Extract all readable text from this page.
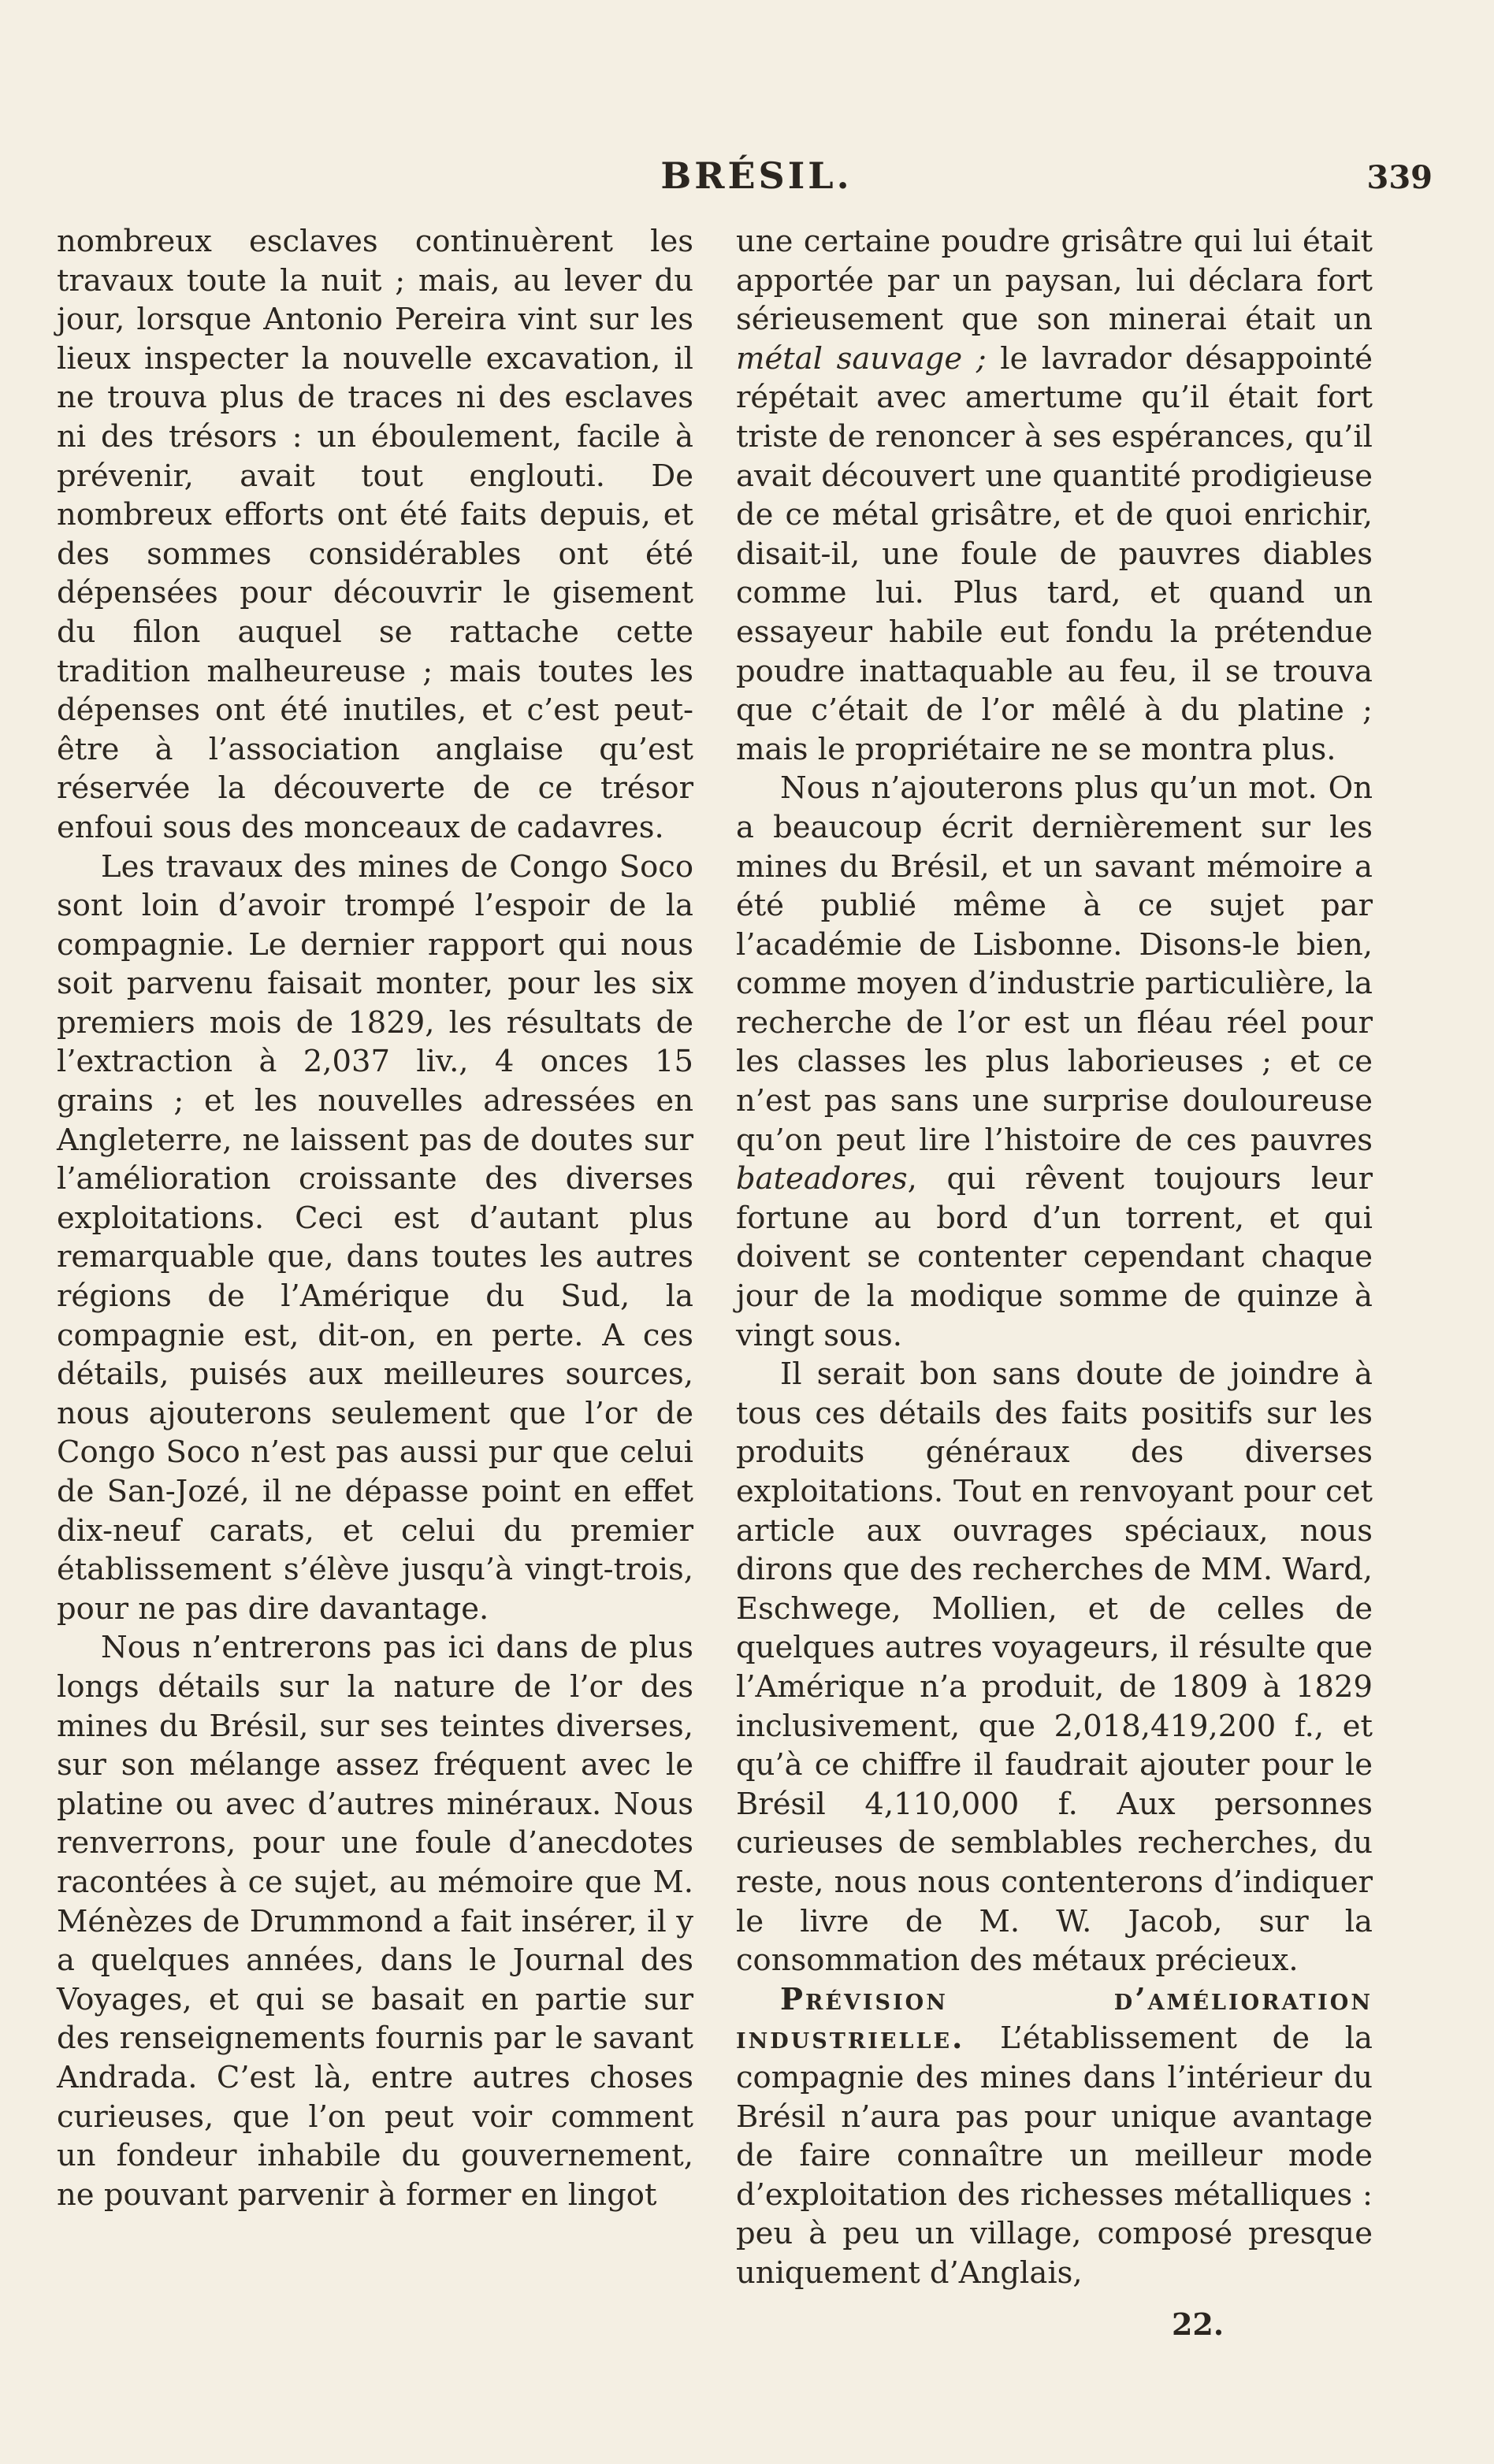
BRÉSIL.	339

nombreux esclaves continuèrent les travaux toute la nuit ; mais, au lever du jour, lorsque Antonio Pereira vint sur les lieux inspecter la nouvelle excavation, il ne trouva plus de traces ni des esclaves ni des trésors : un éboulement, facile à prévenir, avait tout englouti. De nombreux efforts ont été faits depuis, et des sommes considérables ont été dépensées pour découvrir le gisement du filon auquel se rattache cette tradition malheureuse ; mais toutes les dépenses ont été inutiles, et c’est peut-être à l’association anglaise qu’est réservée la découverte de ce trésor enfoui sous des monceaux de cadavres.

Les travaux des mines de Congo Soco sont loin d’avoir trompé l’espoir de la compagnie. Le dernier rapport qui nous soit parvenu faisait monter, pour les six premiers mois de 1829, les résultats de l’extraction à 2,037 liv., 4 onces 15 grains ; et les nouvelles adressées en Angleterre, ne laissent pas de doutes sur l’amélioration croissante des diverses exploitations. Ceci est d’autant plus remarquable que, dans toutes les autres régions de l’Amérique du Sud, la compagnie est, dit-on, en perte. A ces détails, puisés aux meilleures sources, nous ajouterons seulement que l’or de Congo Soco n’est pas aussi pur que celui de San-Jozé, il ne dépasse point en effet dix-neuf carats, et celui du premier établissement s’élève jusqu’à vingt-trois, pour ne pas dire davantage.

Nous n’entrerons pas ici dans de plus longs détails sur la nature de l’or des mines du Brésil, sur ses teintes diverses, sur son mélange assez fréquent avec le platine ou avec d’autres minéraux. Nous renverrons, pour une foule d’anecdotes racontées à ce sujet, au mémoire que M. Ménèzes de Drummond a fait insérer, il y a quelques années, dans le Journal des Voyages, et qui se basait en partie sur des renseignements fournis par le savant Andrada. C’est là, entre autres choses curieuses, que l’on peut voir comment un fondeur inhabile du gouvernement, ne pouvant parvenir à former en lingot

une certaine poudre grisâtre qui lui était apportée par un paysan, lui déclara fort sérieusement que son minerai était un métal sauvage ; le lavrador désappointé répétait avec amertume qu’il était fort triste de renoncer à ses espérances, qu’il avait découvert une quantité prodigieuse de ce métal grisâtre, et de quoi enrichir, disait-il, une foule de pauvres diables comme lui. Plus tard, et quand un essayeur habile eut fondu la prétendue poudre inattaquable au feu, il se trouva que c’était de l’or mêlé à du platine ; mais le propriétaire ne se montra plus.

Nous n’ajouterons plus qu’un mot. On a beaucoup écrit dernièrement sur les mines du Brésil, et un savant mémoire a été publié même à ce sujet par l’académie de Lisbonne. Disons-le bien, comme moyen d’industrie particulière, la recherche de l’or est un fléau réel pour les classes les plus laborieuses ; et ce n’est pas sans une surprise douloureuse qu’on peut lire l’histoire de ces pauvres bateadores, qui rêvent toujours leur fortune au bord d’un torrent, et qui doivent se contenter cependant chaque jour de la modique somme de quinze à vingt sous.

Il serait bon sans doute de joindre à tous ces détails des faits positifs sur les produits généraux des diverses exploitations. Tout en renvoyant pour cet article aux ouvrages spéciaux, nous dirons que des recherches de MM. Ward, Eschwege, Mollien, et de celles de quelques autres voyageurs, il résulte que l’Amérique n’a produit, de 1809 à 1829 inclusivement, que 2,018,419,200 f., et qu’à ce chiffre il faudrait ajouter pour le Brésil 4,110,000 f. Aux personnes curieuses de semblables recherches, du reste, nous nous contenterons d’indiquer le livre de M. W. Jacob, sur la consommation des métaux précieux.

Prévision d’amélioration industrielle. L’établissement de la compagnie des mines dans l’intérieur du Brésil n’aura pas pour unique avantage de faire connaître un meilleur mode d’exploitation des richesses métalliques : peu à peu un village, composé presque uniquement d’Anglais,

22.
